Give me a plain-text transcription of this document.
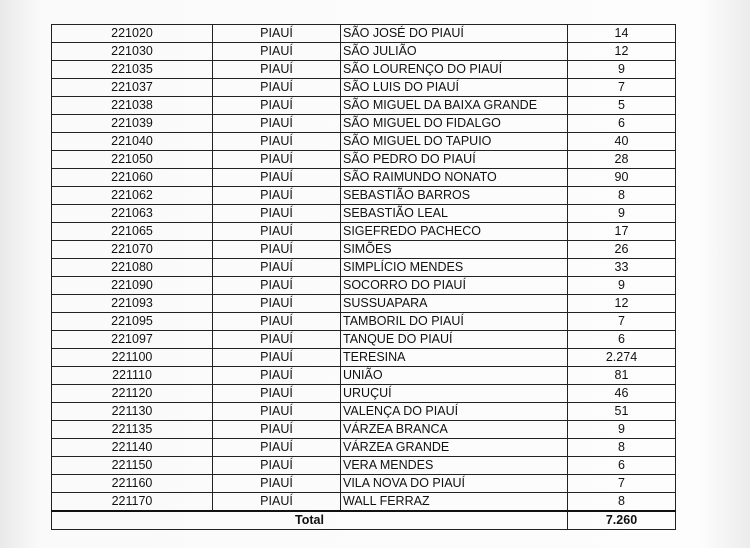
221020	PIAUÍ	SÃO JOSÉ DO PIAUÍ	14
221030	PIAUÍ	SÃO JULIÃO	12
221035	PIAUÍ	SÃO LOURENÇO DO PIAUÍ	9
221037	PIAUÍ	SÃO LUIS DO PIAUÍ	7
221038	PIAUÍ	SÃO MIGUEL DA BAIXA GRANDE	5
221039	PIAUÍ	SÃO MIGUEL DO FIDALGO	6
221040	PIAUÍ	SÃO MIGUEL DO TAPUIO	40
221050	PIAUÍ	SÃO PEDRO DO PIAUÍ	28
221060	PIAUÍ	SÃO RAIMUNDO NONATO	90
221062	PIAUÍ	SEBASTIÃO BARROS	8
221063	PIAUÍ	SEBASTIÃO LEAL	9
221065	PIAUÍ	SIGEFREDO PACHECO	17
221070	PIAUÍ	SIMÕES	26
221080	PIAUÍ	SIMPLÍCIO MENDES	33
221090	PIAUÍ	SOCORRO DO PIAUÍ	9
221093	PIAUÍ	SUSSUAPARA	12
221095	PIAUÍ	TAMBORIL DO PIAUÍ	7
221097	PIAUÍ	TANQUE DO PIAUÍ	6
221100	PIAUÍ	TERESINA	2.274
221110	PIAUÍ	UNIÃO	81
221120	PIAUÍ	URUÇUÍ	46
221130	PIAUÍ	VALENÇA DO PIAUÍ	51
221135	PIAUÍ	VÁRZEA BRANCA	9
221140	PIAUÍ	VÁRZEA GRANDE	8
221150	PIAUÍ	VERA MENDES	6
221160	PIAUÍ	VILA NOVA DO PIAUÍ	7
221170	PIAUÍ	WALL FERRAZ	8
Total			7.260
